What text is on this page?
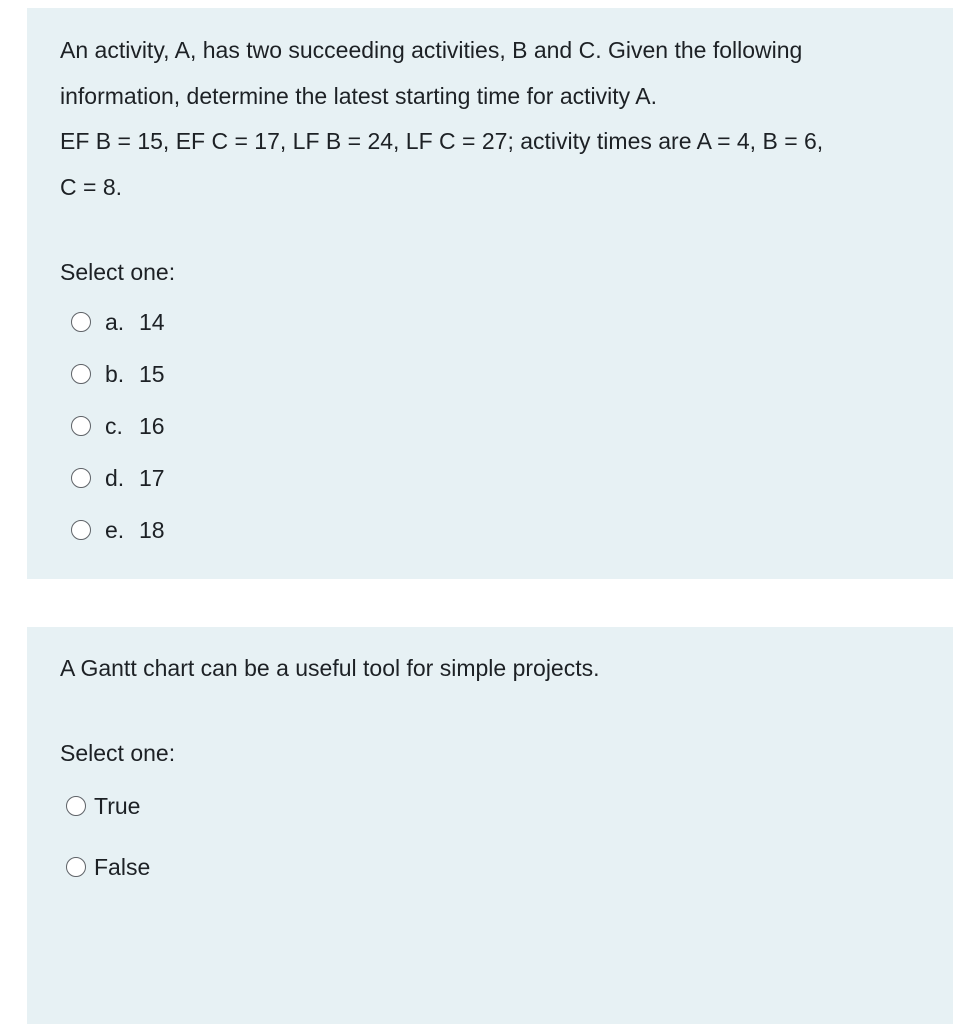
An activity, A, has two succeeding activities, B and C. Given the following
information, determine the latest starting time for activity A.
EF B = 15, EF C = 17, LF B = 24, LF C = 27; activity times are A = 4, B = 6,
C = 8.
Select one:
a. 14
b. 15
c. 16
d. 17
e. 18
A Gantt chart can be a useful tool for simple projects.
Select one:
True
False
